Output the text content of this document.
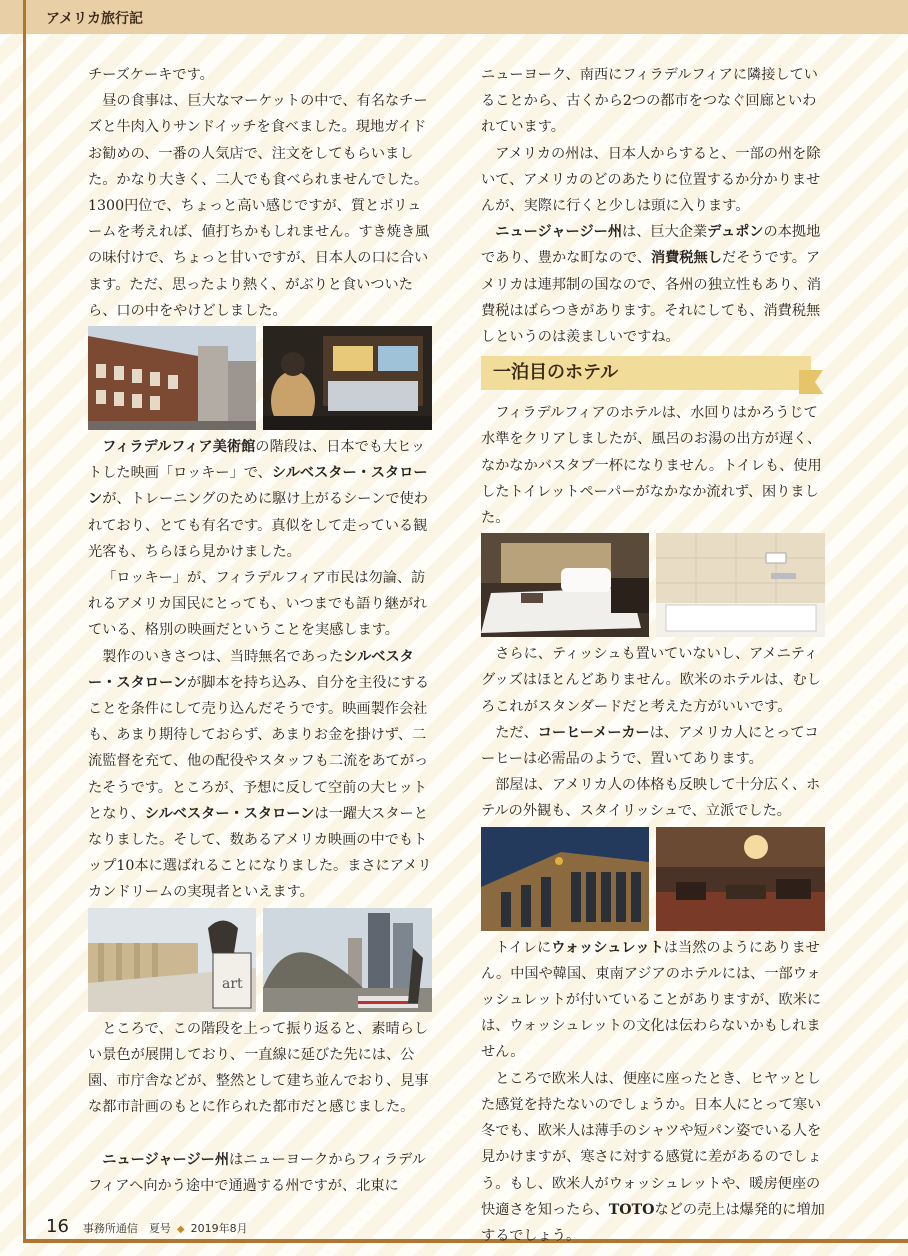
アメリカ旅行記

チーズケーキです。

昼の食事は、巨大なマーケットの中で、有名なチーズと牛肉入りサンドイッチを食べました。現地ガイドお勧めの、一番の人気店で、注文をしてもらいました。かなり大きく、二人でも食べられませんでした。1300円位で、ちょっと高い感じですが、質とボリュームを考えれば、値打ちかもしれません。すき焼き風の味付けで、ちょっと甘いですが、日本人の口に合います。ただ、思ったより熱く、がぶりと食いついたら、口の中をやけどしました。

フィラデルフィア美術館の階段は、日本でも大ヒットした映画「ロッキー」で、シルベスター・スタローンが、トレーニングのために駆け上がるシーンで使われており、とても有名です。真似をして走っている観光客も、ちらほら見かけました。

「ロッキー」が、フィラデルフィア市民は勿論、訪れるアメリカ国民にとっても、いつまでも語り継がれている、格別の映画だということを実感します。

製作のいきさつは、当時無名であったシルベスター・スタローンが脚本を持ち込み、自分を主役にすることを条件にして売り込んだそうです。映画製作会社も、あまり期待しておらず、あまりお金を掛けず、二流監督を充て、他の配役やスタッフも二流をあてがったそうです。ところが、予想に反して空前の大ヒットとなり、シルベスター・スタローンは一躍大スターとなりました。そして、数あるアメリカ映画の中でもトップ10本に選ばれることになりました。まさにアメリカンドリームの実現者といえます。

art

ところで、この階段を上って振り返ると、素晴らしい景色が展開しており、一直線に延びた先には、公園、市庁舎などが、整然として建ち並んでおり、見事な都市計画のもとに作られた都市だと感じました。

ニュージャージー州はニューヨークからフィラデルフィアへ向かう途中で通過する州ですが、北東に

ニューヨーク、南西にフィラデルフィアに隣接していることから、古くから2つの都市をつなぐ回廊といわれています。

アメリカの州は、日本人からすると、一部の州を除いて、アメリカのどのあたりに位置するか分かりませんが、実際に行くと少しは頭に入ります。

ニュージャージー州は、巨大企業デュポンの本拠地であり、豊かな町なので、消費税無しだそうです。アメリカは連邦制の国なので、各州の独立性もあり、消費税はばらつきがあります。それにしても、消費税無しというのは羨ましいですね。

一泊目のホテル

フィラデルフィアのホテルは、水回りはかろうじて水準をクリアしましたが、風呂のお湯の出方が遅く、なかなかバスタブ一杯になりません。トイレも、使用したトイレットペーパーがなかなか流れず、困りました。

さらに、ティッシュも置いていないし、アメニティグッズはほとんどありません。欧米のホテルは、むしろこれがスタンダードだと考えた方がいいです。

ただ、コーヒーメーカーは、アメリカ人にとってコーヒーは必需品のようで、置いてあります。

部屋は、アメリカ人の体格も反映して十分広く、ホテルの外観も、スタイリッシュで、立派でした。

トイレにウォッシュレットは当然のようにありません。中国や韓国、東南アジアのホテルには、一部ウォッシュレットが付いていることがありますが、欧米には、ウォッシュレットの文化は伝わらないかもしれません。

ところで欧米人は、便座に座ったとき、ヒヤッとした感覚を持たないのでしょうか。日本人にとって寒い冬でも、欧米人は薄手のシャツや短パン姿でいる人を見かけますが、寒さに対する感覚に差があるのでしょう。もし、欧米人がウォッシュレットや、暖房便座の快適さを知ったら、TOTOなどの売上は爆発的に増加するでしょう。

16 事務所通信　夏号 ◆ 2019年8月
